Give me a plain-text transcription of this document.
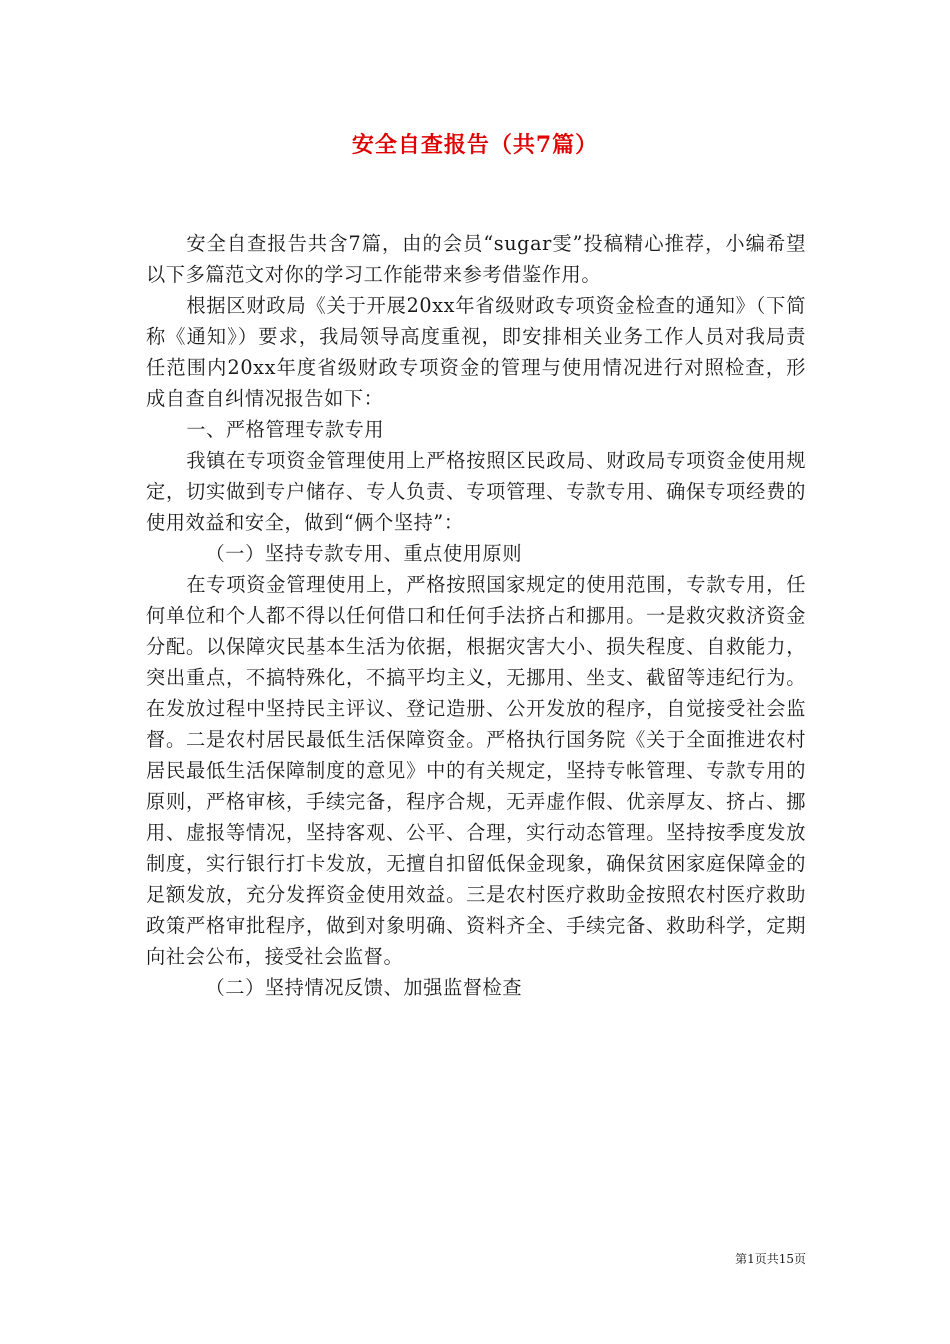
安全自查报告（共7篇）

安全自查报告共含7篇，由的会员“sugar雯”投稿精心推荐，小编希望以下多篇范文对你的学习工作能带来参考借鉴作用。

根据区财政局《关于开展20xx年省级财政专项资金检查的通知》（下简称《通知》）要求，我局领导高度重视，即安排相关业务工作人员对我局责任范围内20xx年度省级财政专项资金的管理与使用情况进行对照检查，形成自查自纠情况报告如下：

一、严格管理专款专用

我镇在专项资金管理使用上严格按照区民政局、财政局专项资金使用规定，切实做到专户储存、专人负责、专项管理、专款专用、确保专项经费的使用效益和安全，做到“俩个坚持”：

（一）坚持专款专用、重点使用原则

在专项资金管理使用上，严格按照国家规定的使用范围，专款专用，任何单位和个人都不得以任何借口和任何手法挤占和挪用。一是救灾救济资金分配。以保障灾民基本生活为依据，根据灾害大小、损失程度、自救能力，突出重点，不搞特殊化，不搞平均主义，无挪用、坐支、截留等违纪行为。在发放过程中坚持民主评议、登记造册、公开发放的程序，自觉接受社会监督。二是农村居民最低生活保障资金。严格执行国务院《关于全面推进农村居民最低生活保障制度的意见》中的有关规定，坚持专帐管理、专款专用的原则，严格审核，手续完备，程序合规，无弄虚作假、优亲厚友、挤占、挪用、虚报等情况，坚持客观、公平、合理，实行动态管理。坚持按季度发放制度，实行银行打卡发放，无擅自扣留低保金现象，确保贫困家庭保障金的足额发放，充分发挥资金使用效益。三是农村医疗救助金按照农村医疗救助政策严格审批程序，做到对象明确、资料齐全、手续完备、救助科学，定期向社会公布，接受社会监督。

（二）坚持情况反馈、加强监督检查

第1页共15页
